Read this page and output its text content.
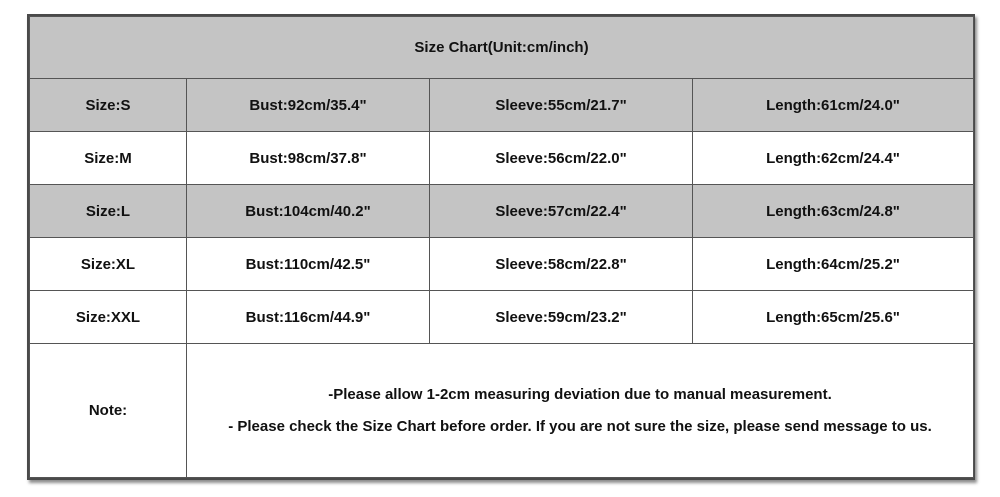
Size Chart(Unit:cm/inch)			
Size:S	Bust:92cm/35.4"	Sleeve:55cm/21.7"	Length:61cm/24.0"
Size:M	Bust:98cm/37.8"	Sleeve:56cm/22.0"	Length:62cm/24.4"
Size:L	Bust:104cm/40.2"	Sleeve:57cm/22.4"	Length:63cm/24.8"
Size:XL	Bust:110cm/42.5"	Sleeve:58cm/22.8"	Length:64cm/25.2"
Size:XXL	Bust:116cm/44.9"	Sleeve:59cm/23.2"	Length:65cm/25.6"
Note:	-Please allow 1-2cm measuring deviation due to manual measurement.

- Please check the Size Chart before order. If you are not sure the size, please send message to us.		
